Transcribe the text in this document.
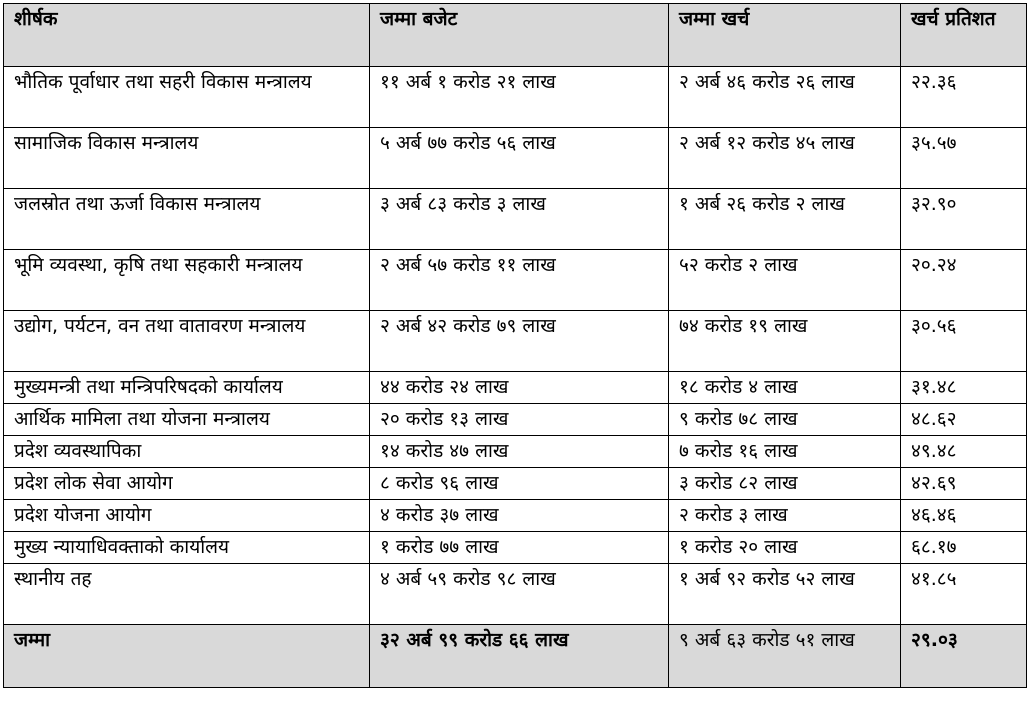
शीर्षक	जम्मा बजेट	जम्मा खर्च	खर्च प्रतिशत
भौतिक पूर्वाधार तथा सहरी विकास मन्त्रालय	११ अर्ब १ करोड २१ लाख	२ अर्ब ४६ करोड २६ लाख	२२.३६
सामाजिक विकास मन्त्रालय	५ अर्ब ७७ करोड ५६ लाख	२ अर्ब १२ करोड ४५ लाख	३५.५७
जलस्रोत तथा ऊर्जा विकास मन्त्रालय	३ अर्ब ८३ करोड ३ लाख	१ अर्ब २६ करोड २ लाख	३२.९०
भूमि व्यवस्था, कृषि तथा सहकारी मन्त्रालय	२ अर्ब ५७ करोड ११ लाख	५२ करोड २ लाख	२०.२४
उद्योग, पर्यटन, वन तथा वातावरण मन्त्रालय	२ अर्ब ४२ करोड ७९ लाख	७४ करोड १९ लाख	३०.५६
मुख्यमन्त्री तथा मन्त्रिपरिषदको कार्यालय	४४ करोड २४ लाख	१८ करोड ४ लाख	३१.४८
आर्थिक मामिला तथा योजना मन्त्रालय	२० करोड १३ लाख	९ करोड ७८ लाख	४८.६२
प्रदेश व्यवस्थापिका	१४ करोड ४७ लाख	७ करोड १६ लाख	४९.४८
प्रदेश लोक सेवा आयोग	८ करोड ९६ लाख	३ करोड ८२ लाख	४२.६९
प्रदेश योजना आयोग	४ करोड ३७ लाख	२ करोड ३ लाख	४६.४६
मुख्य न्यायाधिवक्ताको कार्यालय	१ करोड ७७ लाख	१ करोड २० लाख	६८.१७
स्थानीय तह	४ अर्ब ५९ करोड ९८ लाख	१ अर्ब ९२ करोड ५२ लाख	४१.८५
जम्मा	३२ अर्ब ९९ करोड ६६ लाख	९ अर्ब ६३ करोड ५१ लाख	२९.०३
